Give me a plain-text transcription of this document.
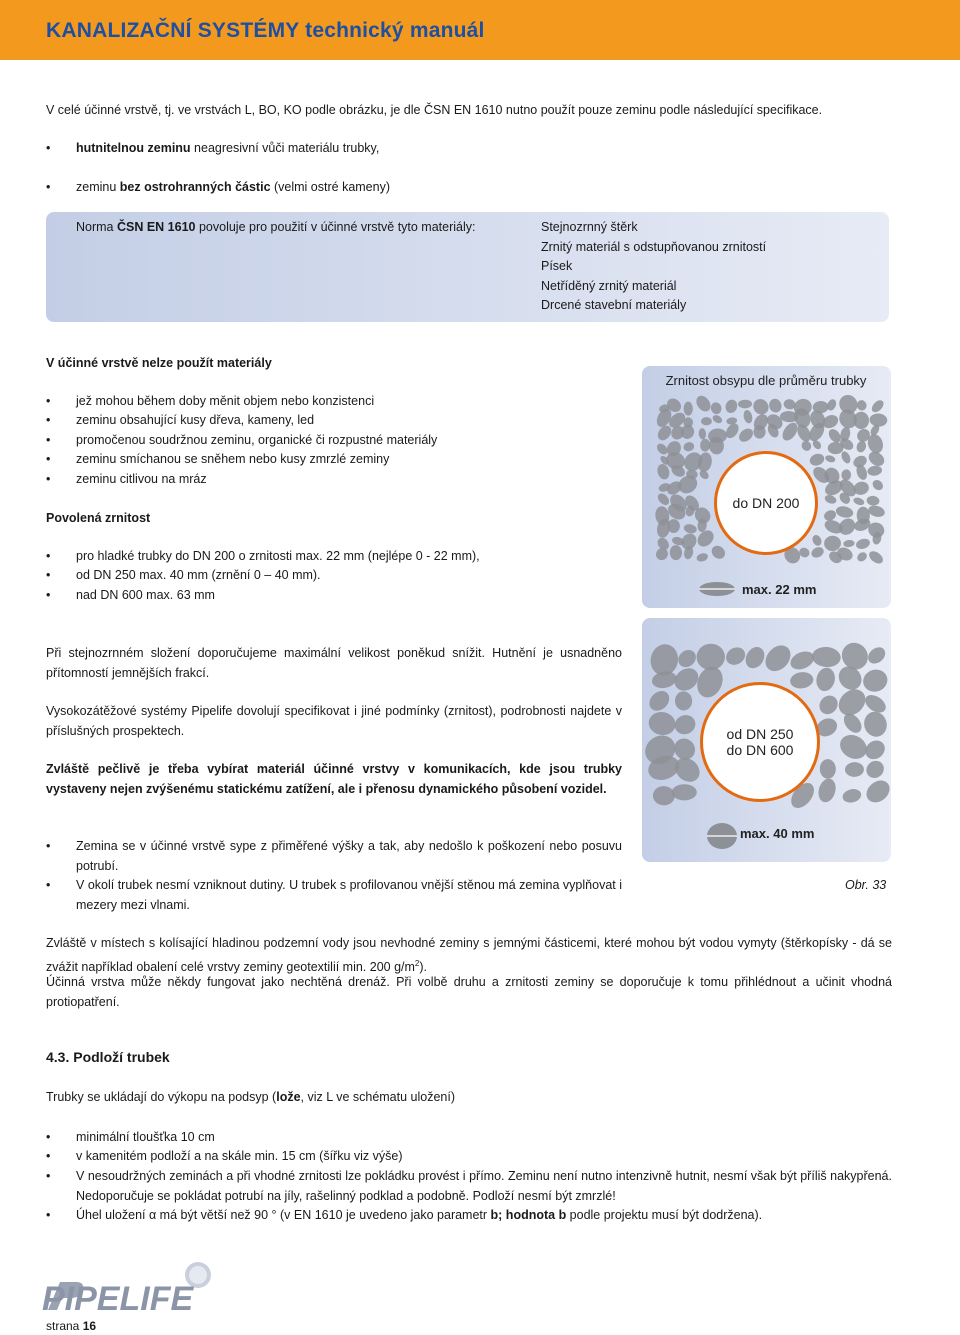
KANALIZAČNÍ SYSTÉMY technický manuál

V celé účinné vrstvě, tj. ve vrstvách L, BO, KO podle obrázku, je dle ČSN EN 1610 nutno použít pouze zeminu podle následující specifikace.

• hutnitelnou zeminu neagresivní vůči materiálu trubky,
• zeminu bez ostrohranných částic (velmi ostré kameny)
Norma ČSN EN 1610 povoluje pro použití v účinné vrstvě tyto materiály:	Stejnozrnný štěrk
Zrnitý materiál s odstupňovanou zrnitostí
Písek
Netříděný zrnitý materiál
Drcené stavební materiály
V účinné vrstvě nelze použít materiály
• jež mohou během doby měnit objem nebo konzistenci
• zeminu obsahující kusy dřeva, kameny, led
• promočenou soudržnou zeminu, organické či rozpustné materiály
• zeminu smíchanou se sněhem nebo kusy zmrzlé zeminy
• zeminu citlivou na mráz
Povolená zrnitost
• pro hladké trubky do DN 200 o zrnitosti max. 22 mm (nejlépe 0 - 22 mm),
• od DN 250 max. 40 mm (zrnění 0 – 40 mm).
• nad DN 600 max. 63 mm
Zrnitost obsypu dle průměru trubky
do DN 200
max. 22 mm
od DN 250
do DN 600
max. 40 mm
Obr. 33

Při stejnozrnném složení doporučujeme maximální velikost poněkud snížit. Hutnění je usnadněno přítomností jemnějších frakcí.

Vysokozátěžové systémy Pipelife dovolují specifikovat i jiné podmínky (zrnitost), podrobnosti najdete v příslušných prospektech.

Zvláště pečlivě je třeba vybírat materiál účinné vrstvy v komunikacích, kde jsou trubky vystaveny nejen zvýšenému statickému zatížení, ale i přenosu dynamického působení vozidel.

• Zemina se v účinné vrstvě sype z přiměřené výšky a tak, aby nedošlo k poškození nebo posuvu potrubí.
• V okolí trubek nesmí vzniknout dutiny. U trubek s profilovanou vnější stěnou má zemina vyplňovat i mezery mezi vlnami.

Zvláště v místech s kolísající hladinou podzemní vody jsou nevhodné zeminy s jemnými částicemi, které mohou být vodou vymyty (štěrkopísky - dá se zvážit například obalení celé vrstvy zeminy geotextilií min. 200 $g/m^2$).

Účinná vrstva může někdy fungovat jako nechtěná drenáž. Při volbě druhu a zrnitosti zeminy se doporučuje k tomu přihlédnout a učinit vhodná protiopatření.

4.3. Podloží trubek

Trubky se ukládají do výkopu na podsyp (lože, viz L ve schématu uložení)

• minimální tloušťka 10 cm
• v kamenitém podloží a na skále min. 15 cm (šířku viz výše)
• V nesoudržných zeminách a při vhodné zrnitosti lze pokládku provést i přímo. Zeminu není nutno intenzivně hutnit, nesmí však být příliš nakypřená. Nedoporučuje se pokládat potrubí na jíly, rašelinný podklad a podobně. Podloží nesmí být zmrzlé!
• Úhel uložení α má být větší než 90 ° (v EN 1610 je uvedeno jako parametr b; hodnota b podle projektu musí být dodržena).
PIPELIFE
strana 16
